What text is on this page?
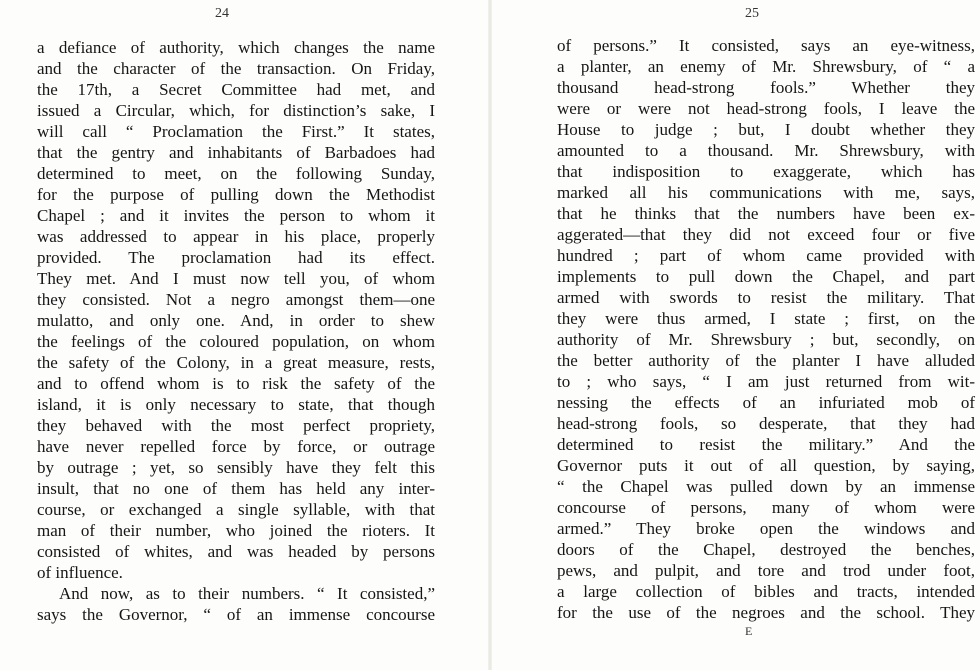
24
a defiance of authority, which changes the name
and the character of the transaction. On Friday,
the 17th, a Secret Committee had met, and
issued a Circular, which, for distinction’s sake, I
will call “ Proclamation the First.” It states,
that the gentry and inhabitants of Barbadoes had
determined to meet, on the following Sunday,
for the purpose of pulling down the Methodist
Chapel ; and it invites the person to whom it
was addressed to appear in his place, properly
provided. The proclamation had its effect.
They met. And I must now tell you, of whom
they consisted. Not a negro amongst them—one
mulatto, and only one. And, in order to shew
the feelings of the coloured population, on whom
the safety of the Colony, in a great measure, rests,
and to offend whom is to risk the safety of the
island, it is only necessary to state, that though
they behaved with the most perfect propriety,
have never repelled force by force, or outrage
by outrage ; yet, so sensibly have they felt this
insult, that no one of them has held any inter-
course, or exchanged a single syllable, with that
man of their number, who joined the rioters. It
consisted of whites, and was headed by persons
of influence.
And now, as to their numbers. “ It consisted,”
says the Governor, “ of an immense concourse
25
of persons.” It consisted, says an eye-witness,
a planter, an enemy of Mr. Shrewsbury, of “ a
thousand head-strong fools.” Whether they
were or were not head-strong fools, I leave the
House to judge ; but, I doubt whether they
amounted to a thousand. Mr. Shrewsbury, with
that indisposition to exaggerate, which has
marked all his communications with me, says,
that he thinks that the numbers have been ex-
aggerated—that they did not exceed four or five
hundred ; part of whom came provided with
implements to pull down the Chapel, and part
armed with swords to resist the military. That
they were thus armed, I state ; first, on the
authority of Mr. Shrewsbury ; but, secondly, on
the better authority of the planter I have alluded
to ; who says, “ I am just returned from wit-
nessing the effects of an infuriated mob of
head-strong fools, so desperate, that they had
determined to resist the military.” And the
Governor puts it out of all question, by saying,
“ the Chapel was pulled down by an immense
concourse of persons, many of whom were
armed.” They broke open the windows and
doors of the Chapel, destroyed the benches,
pews, and pulpit, and tore and trod under foot,
a large collection of bibles and tracts, intended
for the use of the negroes and the school. They
E
